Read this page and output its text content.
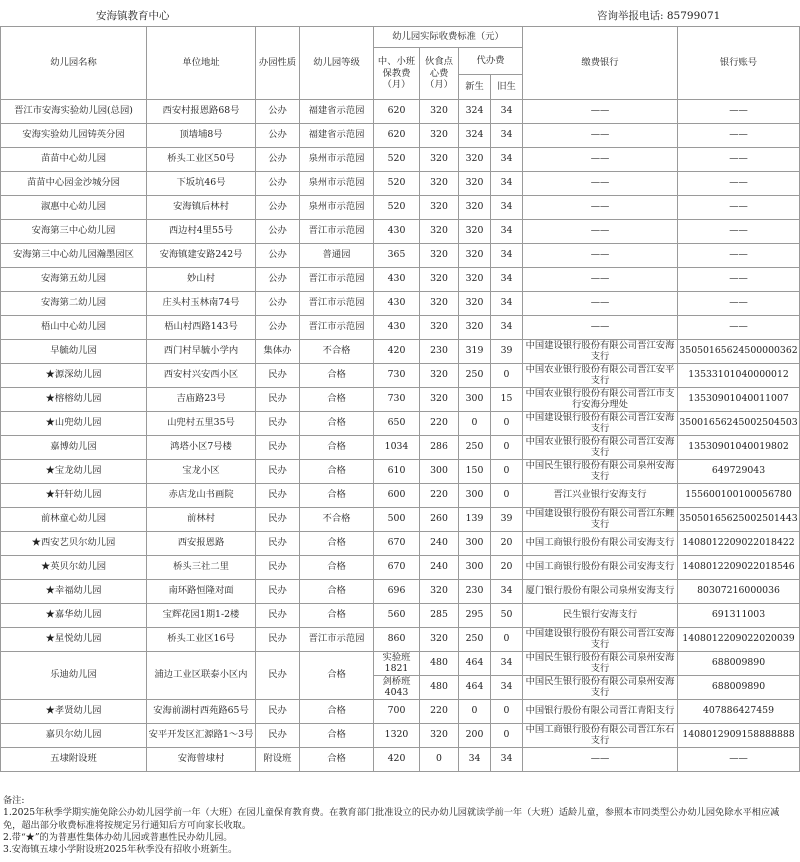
安海镇教育中心	咨询举报电话: 85799071
幼儿园名称	单位地址	办园性质	幼儿园等级	幼儿园实际收费标准（元）				缴费银行	银行账号
				中、小班保教费（月）	伙食点心费（月）	代办费			
						新生	旧生		
晋江市安海实验幼儿园(总园)	西安村报恩路68号	公办	福建省示范园	620	320	324	34	——	——
安海实验幼儿园铸英分园	顶墙埔8号	公办	福建省示范园	620	320	324	34	——	——
苗苗中心幼儿园	桥头工业区50号	公办	泉州市示范园	520	320	320	34	——	——
苗苗中心园金沙城分园	下坂坑46号	公办	泉州市示范园	520	320	320	34	——	——
淑惠中心幼儿园	安海镇后林村	公办	泉州市示范园	520	320	320	34	——	——
安海第三中心幼儿园	西边村4里55号	公办	晋江市示范园	430	320	320	34	——	——
安海第三中心幼儿园瀚墨园区	安海镇建安路242号	公办	普通园	365	320	320	34	——	——
安海第五幼儿园	妙山村	公办	晋江市示范园	430	320	320	34	——	——
安海第二幼儿园	庄头村玉林南74号	公办	晋江市示范园	430	320	320	34	——	——
梧山中心幼儿园	梧山村西路143号	公办	晋江市示范园	430	320	320	34	——	——
早毓幼儿园	西门村早毓小学内	集体办	不合格	420	230	319	39	中国建设银行股份有限公司晋江安海支行	35050165624500000362
★源深幼儿园	西安村兴安西小区	民办	合格	730	320	250	0	中国农业银行股份有限公司晋江安平支行	13533101040000012
★榕榕幼儿园	吉庙路23号	民办	合格	730	320	300	15	中国农业银行股份有限公司晋江市支行安海分理处	13530901040011007
★山兜幼儿园	山兜村五里35号	民办	合格	650	220	0	0	中国建设银行股份有限公司晋江安海支行	35001656245002504503
嘉博幼儿园	鸿塔小区7号楼	民办	合格	1034	286	250	0	中国农业银行股份有限公司晋江安海支行	13530901040019802
★宝龙幼儿园	宝龙小区	民办	合格	610	300	150	0	中国民生银行股份有限公司泉州安海支行	649729043
★轩轩幼儿园	赤店龙山书画院	民办	合格	600	220	300	0	晋江兴业银行安海支行	155600100100056780
前林童心幼儿园	前林村	民办	不合格	500	260	139	39	中国建设银行股份有限公司晋江东鲤支行	35050165625002501443
★西安艺贝尔幼儿园	西安报恩路	民办	合格	670	240	300	20	中国工商银行股份有限公司安海支行	1408012209022018422
★英贝尔幼儿园	桥头三社二里	民办	合格	670	240	300	20	中国工商银行股份有限公司安海支行	1408012209022018546
★幸福幼儿园	南环路恒隆对面	民办	合格	696	320	230	34	厦门银行股份有限公司泉州安海支行	80307216000036
★嘉华幼儿园	宝辉花园1期1-2楼	民办	合格	560	285	295	50	民生银行安海支行	691311003
★星悦幼儿园	桥头工业区16号	民办	晋江市示范园	860	320	250	0	中国建设银行股份有限公司晋江安海支行	1408012209022020039
乐迪幼儿园	浦边工业区联泰小区内	民办	合格	实验班1821	480	464	34	中国民生银行股份有限公司泉州安海支行	688009890
				剑桥班4043	480	464	34	中国民生银行股份有限公司泉州安海支行	688009890
★孝贤幼儿园	安海前湖村西苑路65号	民办	合格	700	220	0	0	中国银行股份有限公司晋江青阳支行	407886427459
嘉贝尔幼儿园	安平开发区汇源路1～3号	民办	合格	1320	320	200	0	中国工商银行股份有限公司晋江东石支行	1408012909158888888
五埭附设班	安海曾埭村	附设班	合格	420	0	34	34	——	——
备注:
1.2025年秋季学期实施免除公办幼儿园学前一年（大班）在园儿童保育教育费。在教育部门批准设立的民办幼儿园就读学前一年（大班）适龄儿童，参照本市同类型公办幼儿园免除水平相应减免，超出部分收费标准将按规定另行通知后方可向家长收取。
2.带“★”的为普惠性集体办幼儿园或普惠性民办幼儿园。
3.安海镇五埭小学附设班2025年秋季没有招收小班新生。
